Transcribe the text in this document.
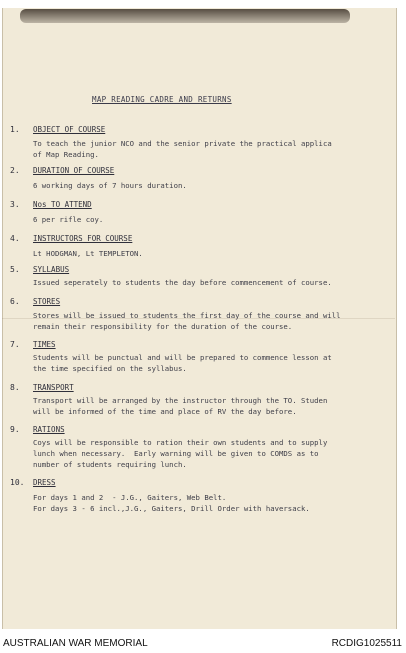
MAP READING CADRE AND RETURNS
1. OBJECT OF COURSE
To teach the junior NCO and the senior private the practical applica
of Map Reading.
2. DURATION OF COURSE
6 working days of 7 hours duration.
3. Nos TO ATTEND
6 per rifle coy.
4. INSTRUCTORS FOR COURSE
Lt HODGMAN, Lt TEMPLETON.
5. SYLLABUS
Issued seperately to students the day before commencement of course.
6. STORES
Stores will be issued to students the first day of the course and will
remain their responsibility for the duration of the course.
7. TIMES
Students will be punctual and will be prepared to commence lesson at
the time specified on the syllabus.
8. TRANSPORT
Transport will be arranged by the instructor through the TO. Studen
will be informed of the time and place of RV the day before.
9. RATIONS
Coys will be responsible to ration their own students and to supply
lunch when necessary.  Early warning will be given to COMDS as to
number of students requiring lunch.
10. DRESS
For days 1 and 2  - J.G., Gaiters, Web Belt.
For days 3 - 6 incl.,J.G., Gaiters, Drill Order with haversack.
AUSTRALIAN WAR MEMORIAL	RCDIG1025511
